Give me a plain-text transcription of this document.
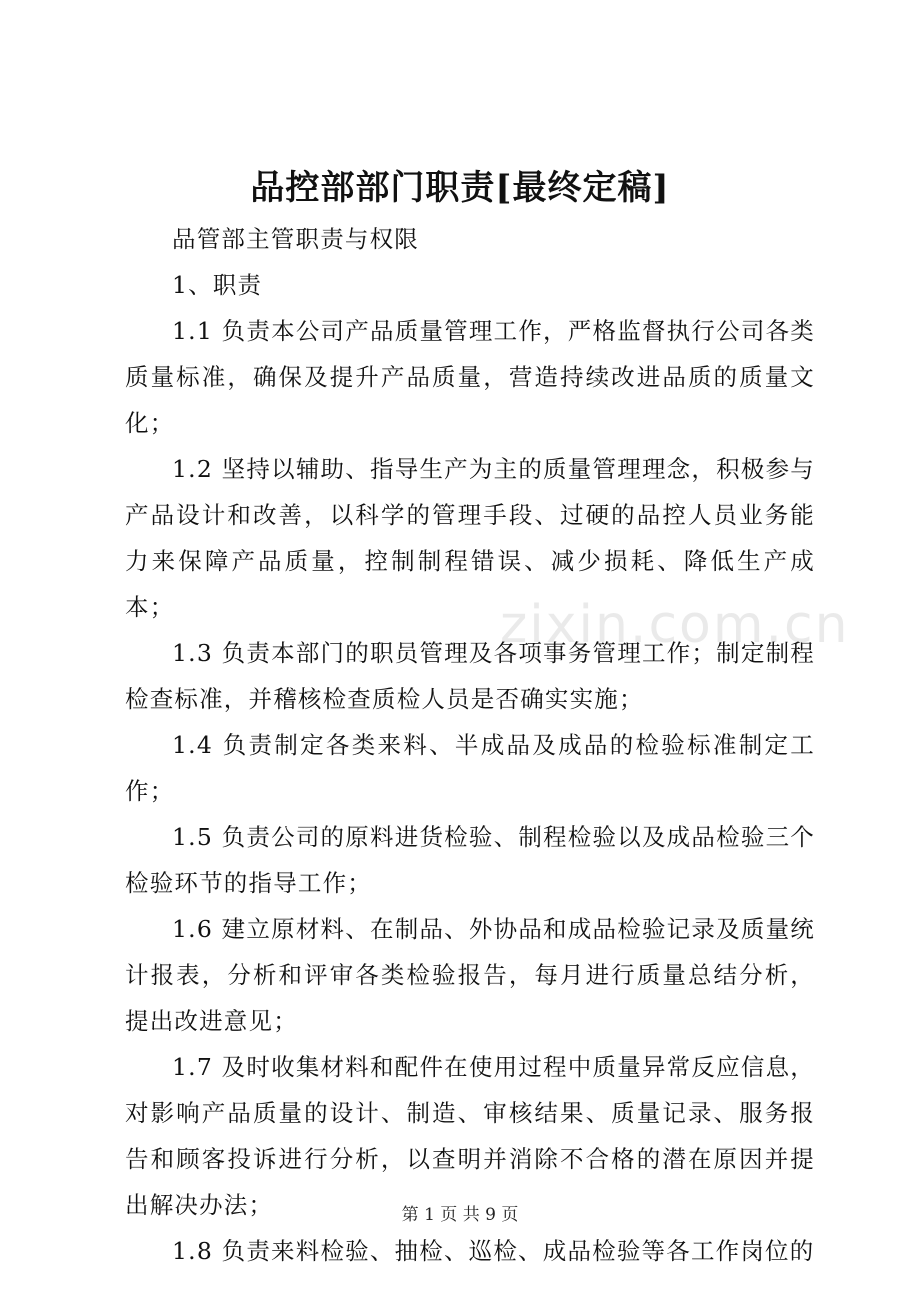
品控部部门职责[最终定稿]

品管部主管职责与权限

1、职责

1.1 负责本公司产品质量管理工作，严格监督执行公司各类质量标准，确保及提升产品质量，营造持续改进品质的质量文化；

1.2 坚持以辅助、指导生产为主的质量管理理念，积极参与产品设计和改善，以科学的管理手段、过硬的品控人员业务能力来保障产品质量，控制制程错误、减少损耗、降低生产成本；

1.3 负责本部门的职员管理及各项事务管理工作；制定制程检查标准，并稽核检查质检人员是否确实实施；

1.4 负责制定各类来料、半成品及成品的检验标准制定工作；

1.5 负责公司的原料进货检验、制程检验以及成品检验三个检验环节的指导工作；

1.6 建立原材料、在制品、外协品和成品检验记录及质量统计报表，分析和评审各类检验报告，每月进行质量总结分析，提出改进意见；

1.7 及时收集材料和配件在使用过程中质量异常反应信息，对影响产品质量的设计、制造、审核结果、质量记录、服务报告和顾客投诉进行分析，以查明并消除不合格的潜在原因并提出解决办法；

1.8 负责来料检验、抽检、巡检、成品检验等各工作岗位的

zixin.com.cn
第 1 页 共 9 页
